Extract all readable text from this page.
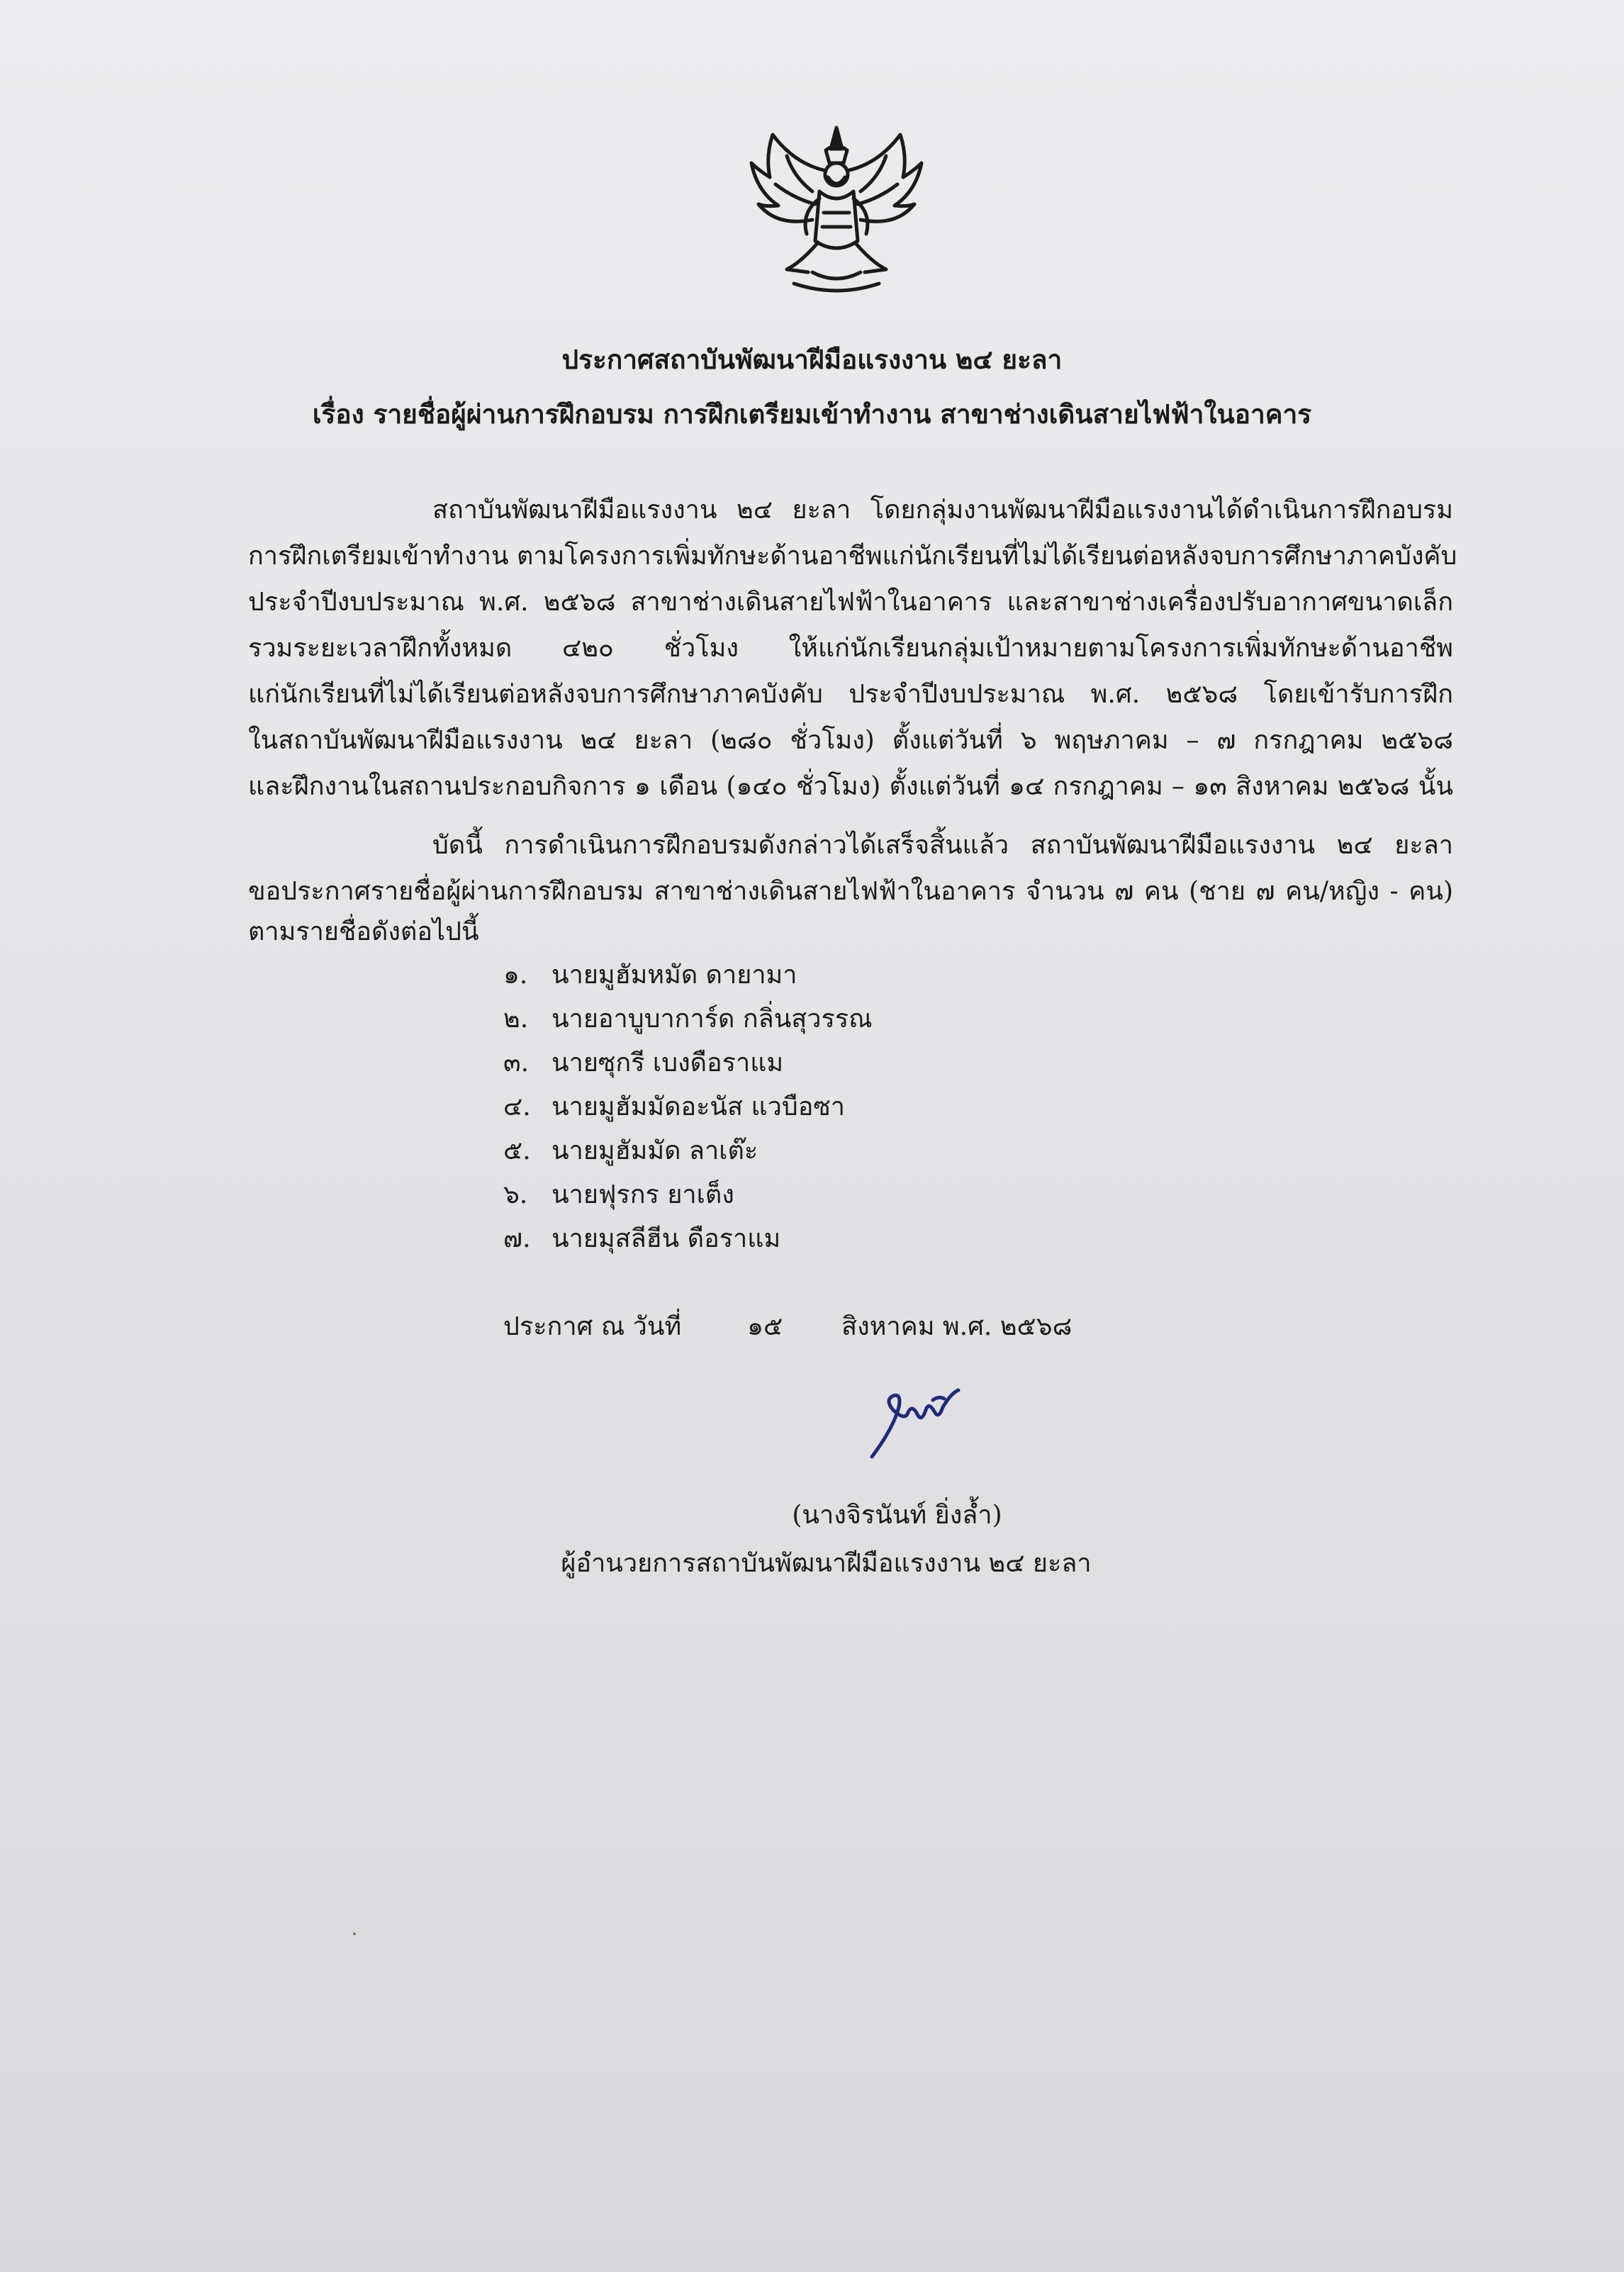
ประกาศสถาบันพัฒนาฝีมือแรงงาน ๒๔ ยะลา
เรื่อง รายชื่อผู้ผ่านการฝึกอบรม การฝึกเตรียมเข้าทำงาน สาขาช่างเดินสายไฟฟ้าในอาคาร
สถาบันพัฒนาฝีมือแรงงาน ๒๔ ยะลา โดยกลุ่มงานพัฒนาฝีมือแรงงานได้ดำเนินการฝึกอบรม
การฝึกเตรียมเข้าทำงาน ตามโครงการเพิ่มทักษะด้านอาชีพแก่นักเรียนที่ไม่ได้เรียนต่อหลังจบการศึกษาภาคบังคับ
ประจำปีงบประมาณ พ.ศ. ๒๕๖๘ สาขาช่างเดินสายไฟฟ้าในอาคาร และสาขาช่างเครื่องปรับอากาศขนาดเล็ก
รวมระยะเวลาฝึกทั้งหมด ๔๒๐ ชั่วโมง ให้แก่นักเรียนกลุ่มเป้าหมายตามโครงการเพิ่มทักษะด้านอาชีพ
แก่นักเรียนที่ไม่ได้เรียนต่อหลังจบการศึกษาภาคบังคับ ประจำปีงบประมาณ พ.ศ. ๒๕๖๘ โดยเข้ารับการฝึก
ในสถาบันพัฒนาฝีมือแรงงาน ๒๔ ยะลา (๒๘๐ ชั่วโมง) ตั้งแต่วันที่ ๖ พฤษภาคม – ๗ กรกฎาคม ๒๕๖๘
และฝึกงานในสถานประกอบกิจการ ๑ เดือน (๑๔๐ ชั่วโมง) ตั้งแต่วันที่ ๑๔ กรกฎาคม – ๑๓ สิงหาคม ๒๕๖๘ นั้น
บัดนี้ การดำเนินการฝึกอบรมดังกล่าวได้เสร็จสิ้นแล้ว สถาบันพัฒนาฝีมือแรงงาน ๒๔ ยะลา
ขอประกาศรายชื่อผู้ผ่านการฝึกอบรม สาขาช่างเดินสายไฟฟ้าในอาคาร จำนวน ๗ คน (ชาย ๗ คน/หญิง - คน)
ตามรายชื่อดังต่อไปนี้
๑. นายมูฮัมหมัด ดายามา
๒. นายอาบูบาการ์ด กลิ่นสุวรรณ
๓. นายซุกรี เบงดือราแม
๔. นายมูฮัมมัดอะนัส แวบือซา
๕. นายมูฮัมมัด ลาเต๊ะ
๖. นายฟุรกร ยาเต็ง
๗. นายมุสลีฮีน ดือราแม
ประกาศ ณ วันที่	๑๕ สิงหาคม พ.ศ. ๒๕๖๘
(นางจิรนันท์ ยิ่งล้ำ)
ผู้อำนวยการสถาบันพัฒนาฝีมือแรงงาน ๒๔ ยะลา
